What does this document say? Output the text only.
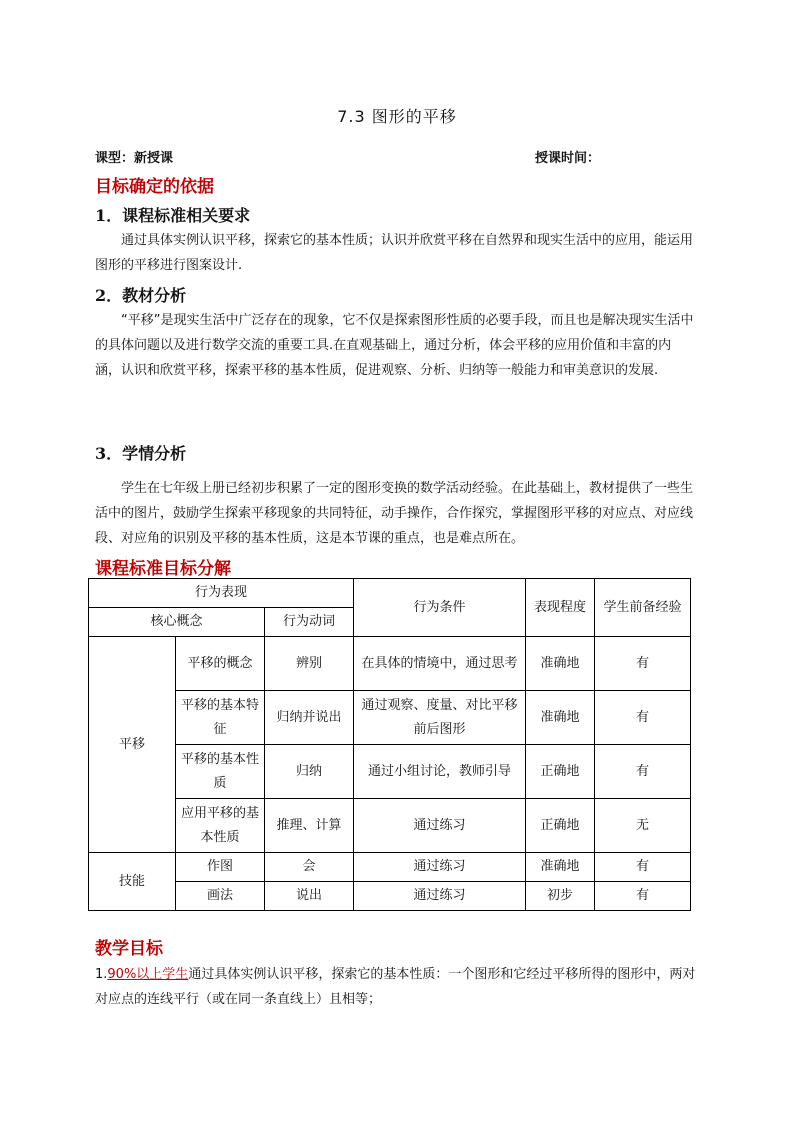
7.3 图形的平移
课型：新授课	授课时间：
目标确定的依据
1．课程标准相关要求
通过具体实例认识平移，探索它的基本性质；认识并欣赏平移在自然界和现实生活中的应用，能运用图形的平移进行图案设计.
2．教材分析
“平移”是现实生活中广泛存在的现象，它不仅是探索图形性质的必要手段，而且也是解决现实生活中的具体问题以及进行数学交流的重要工具.在直观基础上，通过分析，体会平移的应用价值和丰富的内涵，认识和欣赏平移，探索平移的基本性质，促进观察、分析、归纳等一般能力和审美意识的发展.
3．学情分析
学生在七年级上册已经初步积累了一定的图形变换的数学活动经验。在此基础上，教材提供了一些生活中的图片，鼓励学生探索平移现象的共同特征，动手操作，合作探究，掌握图形平移的对应点、对应线段、对应角的识别及平移的基本性质，这是本节课的重点，也是难点所在。
课程标准目标分解
行为表现			行为条件	表现程度	学生前备经验
核心概念		行为动词			
平移	平移的概念	辨别	在具体的情境中，通过思考	准确地	有
	平移的基本特征	归纳并说出	通过观察、度量、对比平移前后图形	准确地	有
	平移的基本性质	归纳	通过小组讨论，教师引导	正确地	有
	应用平移的基本性质	推理、计算	通过练习	正确地	无
技能	作图	会	通过练习	准确地	有
	画法	说出	通过练习	初步	有
教学目标
1.90%以上学生通过具体实例认识平移，探索它的基本性质：一个图形和它经过平移所得的图形中，两对对应点的连线平行（或在同一条直线上）且相等；
